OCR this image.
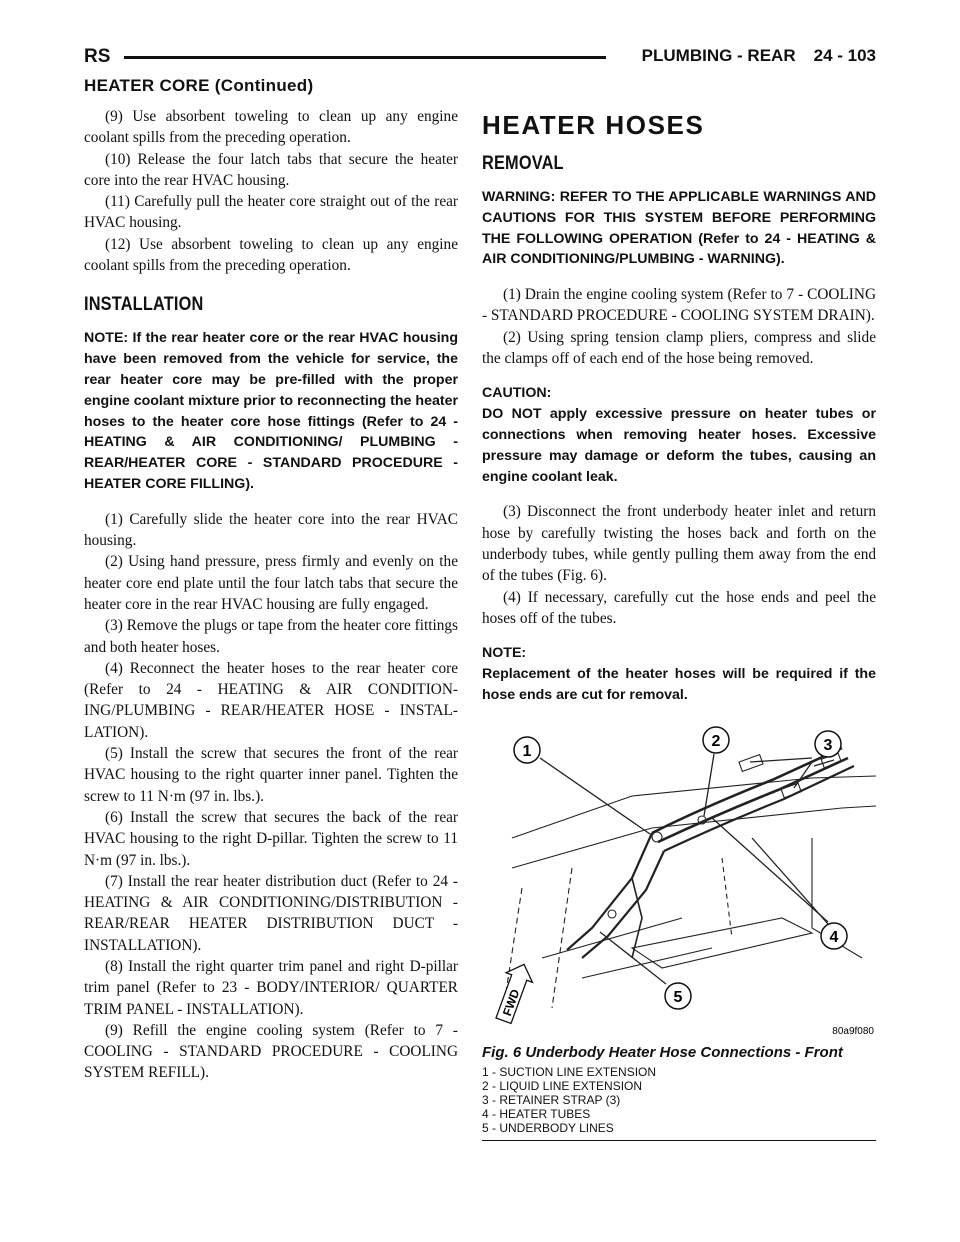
RS	PLUMBING - REAR 24 - 103
HEATER CORE (Continued)

(9) Use absorbent toweling to clean up any engine coolant spills from the preceding operation.

(10) Release the four latch tabs that secure the heater core into the rear HVAC housing.

(11) Carefully pull the heater core straight out of the rear HVAC housing.

(12) Use absorbent toweling to clean up any engine coolant spills from the preceding operation.

INSTALLATION
NOTE: If the rear heater core or the rear HVAC housing have been removed from the vehicle for service, the rear heater core may be pre-filled with the proper engine coolant mixture prior to reconnecting the heater hoses to the heater core hose fittings (Refer to 24 - HEATING & AIR CONDITIONING/ PLUMBING - REAR/HEATER CORE - STANDARD PROCEDURE - HEATER CORE FILLING).

(1) Carefully slide the heater core into the rear HVAC housing.

(2) Using hand pressure, press firmly and evenly on the heater core end plate until the four latch tabs that secure the heater core in the rear HVAC housing are fully engaged.

(3) Remove the plugs or tape from the heater core fittings and both heater hoses.

(4) Reconnect the heater hoses to the rear heater core (Refer to 24 - HEATING & AIR CONDITIONING/PLUMBING - REAR/HEATER HOSE - INSTALLATION).

(5) Install the screw that secures the front of the rear HVAC housing to the right quarter inner panel. Tighten the screw to 11 N·m (97 in. lbs.).

(6) Install the screw that secures the back of the rear HVAC housing to the right D-pillar. Tighten the screw to 11 N·m (97 in. lbs.).

(7) Install the rear heater distribution duct (Refer to 24 - HEATING & AIR CONDITIONING/DISTRIBUTION - REAR/REAR HEATER DISTRIBUTION DUCT - INSTALLATION).

(8) Install the right quarter trim panel and right D-pillar trim panel (Refer to 23 - BODY/INTERIOR/ QUARTER TRIM PANEL - INSTALLATION).

(9) Refill the engine cooling system (Refer to 7 - COOLING - STANDARD PROCEDURE - COOLING SYSTEM REFILL).

HEATER HOSES
REMOVAL
WARNING: REFER TO THE APPLICABLE WARNINGS AND CAUTIONS FOR THIS SYSTEM BEFORE PERFORMING THE FOLLOWING OPERATION (Refer to 24 - HEATING & AIR CONDITIONING/PLUMBING - WARNING).

(1) Drain the engine cooling system (Refer to 7 - COOLING - STANDARD PROCEDURE - COOLING SYSTEM DRAIN).

(2) Using spring tension clamp pliers, compress and slide the clamps off of each end of the hose being removed.

CAUTION:
DO NOT apply excessive pressure on heater tubes or connections when removing heater hoses. Excessive pressure may damage or deform the tubes, causing an engine coolant leak.

(3) Disconnect the front underbody heater inlet and return hose by carefully twisting the hoses back and forth on the underbody tubes, while gently pulling them away from the end of the tubes (Fig. 6).

(4) If necessary, carefully cut the hose ends and peel the hoses off of the tubes.

NOTE:
Replacement of the heater hoses will be required if the hose ends are cut for removal.
1
2	3
4
5
FWD
80a9f080
Fig. 6 Underbody Heater Hose Connections - Front
1 - SUCTION LINE EXTENSION
2 - LIQUID LINE EXTENSION
3 - RETAINER STRAP (3)
4 - HEATER TUBES
5 - UNDERBODY LINES
